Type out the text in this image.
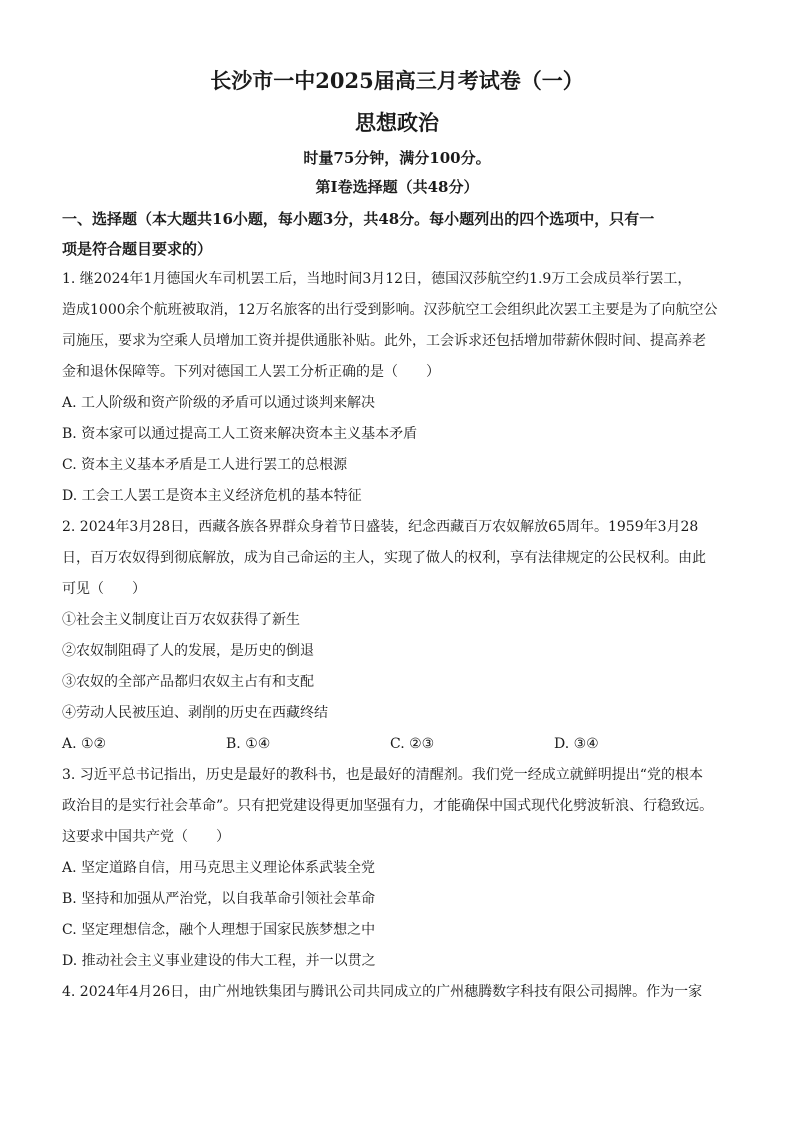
长沙市一中2025届高三月考试卷（一）
思想政治
时量75分钟，满分100分。
第Ⅰ卷选择题（共48分）
一、选择题（本大题共16小题，每小题3分，共48分。每小题列出的四个选项中，只有一
项是符合题目要求的）

1. 继2024年1月德国火车司机罢工后，当地时间3月12日，德国汉莎航空约1.9万工会成员举行罢工，

造成1000余个航班被取消，12万名旅客的出行受到影响。汉莎航空工会组织此次罢工主要是为了向航空公

司施压，要求为空乘人员增加工资并提供通胀补贴。此外，工会诉求还包括增加带薪休假时间、提高养老

金和退休保障等。下列对德国工人罢工分析正确的是（　　）

A. 工人阶级和资产阶级的矛盾可以通过谈判来解决

B. 资本家可以通过提高工人工资来解决资本主义基本矛盾

C. 资本主义基本矛盾是工人进行罢工的总根源

D. 工会工人罢工是资本主义经济危机的基本特征

2. 2024年3月28日，西藏各族各界群众身着节日盛装，纪念西藏百万农奴解放65周年。1959年3月28

日，百万农奴得到彻底解放，成为自己命运的主人，实现了做人的权利，享有法律规定的公民权利。由此

可见（　　）

①社会主义制度让百万农奴获得了新生

②农奴制阻碍了人的发展，是历史的倒退

③农奴的全部产品都归农奴主占有和支配

④劳动人民被压迫、剥削的历史在西藏终结

A. ①②	B. ①④	C. ②③	D. ③④

3. 习近平总书记指出，历史是最好的教科书，也是最好的清醒剂。我们党一经成立就鲜明提出“党的根本

政治目的是实行社会革命”。只有把党建设得更加坚强有力，才能确保中国式现代化劈波斩浪、行稳致远。

这要求中国共产党（　　）

A. 坚定道路自信，用马克思主义理论体系武装全党

B. 坚持和加强从严治党，以自我革命引领社会革命

C. 坚定理想信念，融个人理想于国家民族梦想之中

D. 推动社会主义事业建设的伟大工程，并一以贯之

4. 2024年4月26日，由广州地铁集团与腾讯公司共同成立的广州穗腾数字科技有限公司揭牌。作为一家
